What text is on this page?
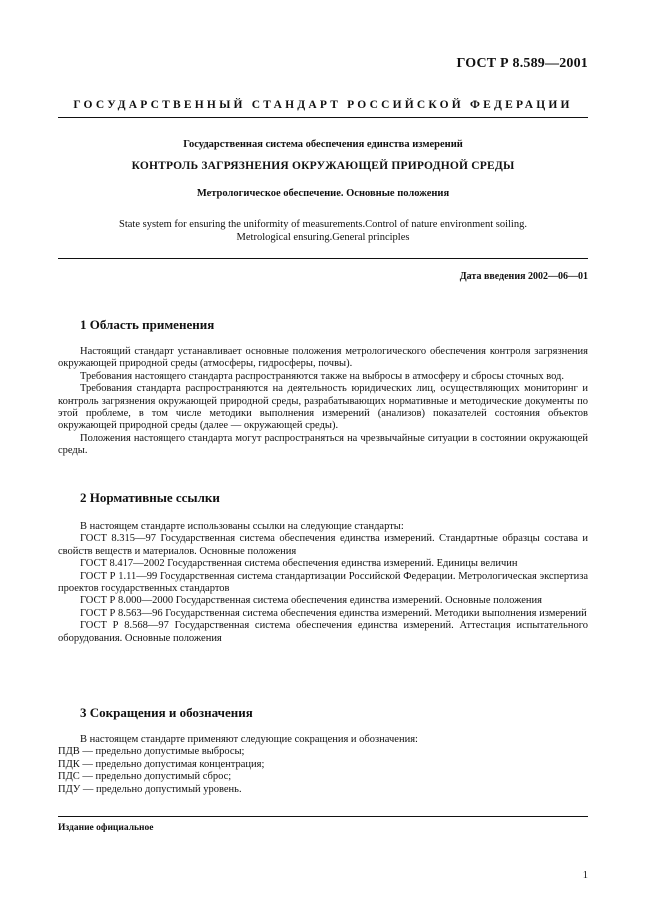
ГОСТ Р 8.589—2001
ГОСУДАРСТВЕННЫЙ СТАНДАРТ РОССИЙСКОЙ ФЕДЕРАЦИИ
Государственная система обеспечения единства измерений
КОНТРОЛЬ ЗАГРЯЗНЕНИЯ ОКРУЖАЮЩЕЙ ПРИРОДНОЙ СРЕДЫ
Метрологическое обеспечение. Основные положения
State system for ensuring the uniformity of measurements.Control of nature environment soiling.
Metrological ensuring.General principles
Дата введения 2002—06—01
1 Область применения

Настоящий стандарт устанавливает основные положения метрологического обеспечения контроля загрязнения окружающей природной среды (атмосферы, гидросферы, почвы).

Требования настоящего стандарта распространяются также на выбросы в атмосферу и сбросы сточных вод.

Требования стандарта распространяются на деятельность юридических лиц, осуществляющих мониторинг и контроль загрязнения окружающей природной среды, разрабатывающих нормативные и методические документы по этой проблеме, в том числе методики выполнения измерений (анализов) показателей состояния объектов окружающей природной среды (далее — окружающей среды).

Положения настоящего стандарта могут распространяться на чрезвычайные ситуации в состоянии окружающей среды.

2 Нормативные ссылки

В настоящем стандарте использованы ссылки на следующие стандарты:

ГОСТ 8.315—97 Государственная система обеспечения единства измерений. Стандартные образцы состава и свойств веществ и материалов. Основные положения

ГОСТ 8.417—2002 Государственная система обеспечения единства измерений. Единицы величин

ГОСТ Р 1.11—99 Государственная система стандартизации Российской Федерации. Метрологическая экспертиза проектов государственных стандартов

ГОСТ Р 8.000—2000 Государственная система обеспечения единства измерений. Основные положения

ГОСТ Р 8.563—96 Государственная система обеспечения единства измерений. Методики выполнения измерений

ГОСТ Р 8.568—97 Государственная система обеспечения единства измерений. Аттестация испытательного оборудования. Основные положения

3 Сокращения и обозначения

В настоящем стандарте применяют следующие сокращения и обозначения:

ПДВ — предельно допустимые выбросы;

ПДК — предельно допустимая концентрация;

ПДС — предельно допустимый сброс;

ПДУ — предельно допустимый уровень.

Издание официальное
1
